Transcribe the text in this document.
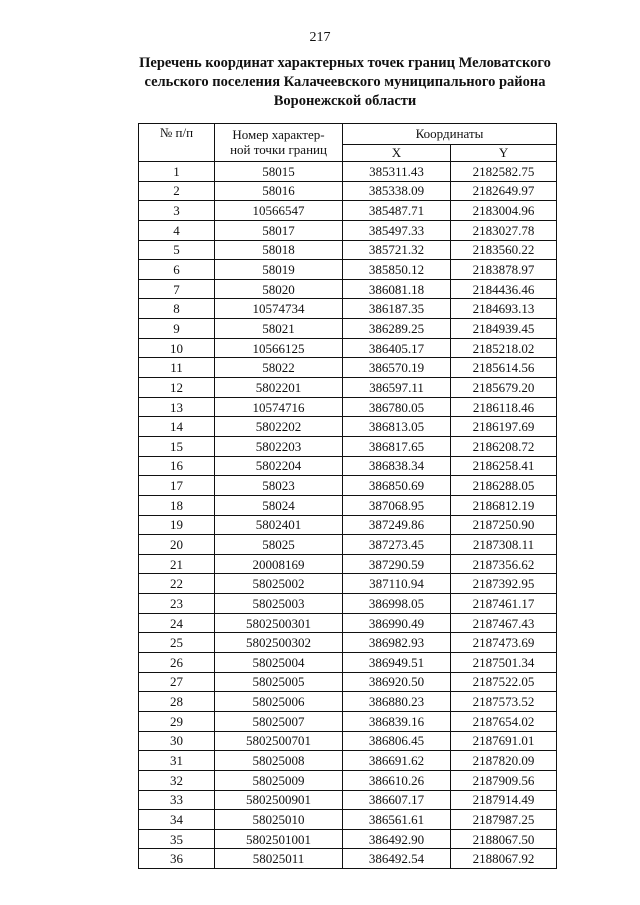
217
Перечень координат характерных точек границ Меловатского
сельского поселения Калачеевского муниципального района
Воронежской области
№ п/п	Номер характер-
ной точки границ	Координаты	
		X	Y
1	58015	385311.43	2182582.75
2	58016	385338.09	2182649.97
3	10566547	385487.71	2183004.96
4	58017	385497.33	2183027.78
5	58018	385721.32	2183560.22
6	58019	385850.12	2183878.97
7	58020	386081.18	2184436.46
8	10574734	386187.35	2184693.13
9	58021	386289.25	2184939.45
10	10566125	386405.17	2185218.02
11	58022	386570.19	2185614.56
12	5802201	386597.11	2185679.20
13	10574716	386780.05	2186118.46
14	5802202	386813.05	2186197.69
15	5802203	386817.65	2186208.72
16	5802204	386838.34	2186258.41
17	58023	386850.69	2186288.05
18	58024	387068.95	2186812.19
19	5802401	387249.86	2187250.90
20	58025	387273.45	2187308.11
21	20008169	387290.59	2187356.62
22	58025002	387110.94	2187392.95
23	58025003	386998.05	2187461.17
24	5802500301	386990.49	2187467.43
25	5802500302	386982.93	2187473.69
26	58025004	386949.51	2187501.34
27	58025005	386920.50	2187522.05
28	58025006	386880.23	2187573.52
29	58025007	386839.16	2187654.02
30	5802500701	386806.45	2187691.01
31	58025008	386691.62	2187820.09
32	58025009	386610.26	2187909.56
33	5802500901	386607.17	2187914.49
34	58025010	386561.61	2187987.25
35	5802501001	386492.90	2188067.50
36	58025011	386492.54	2188067.92
